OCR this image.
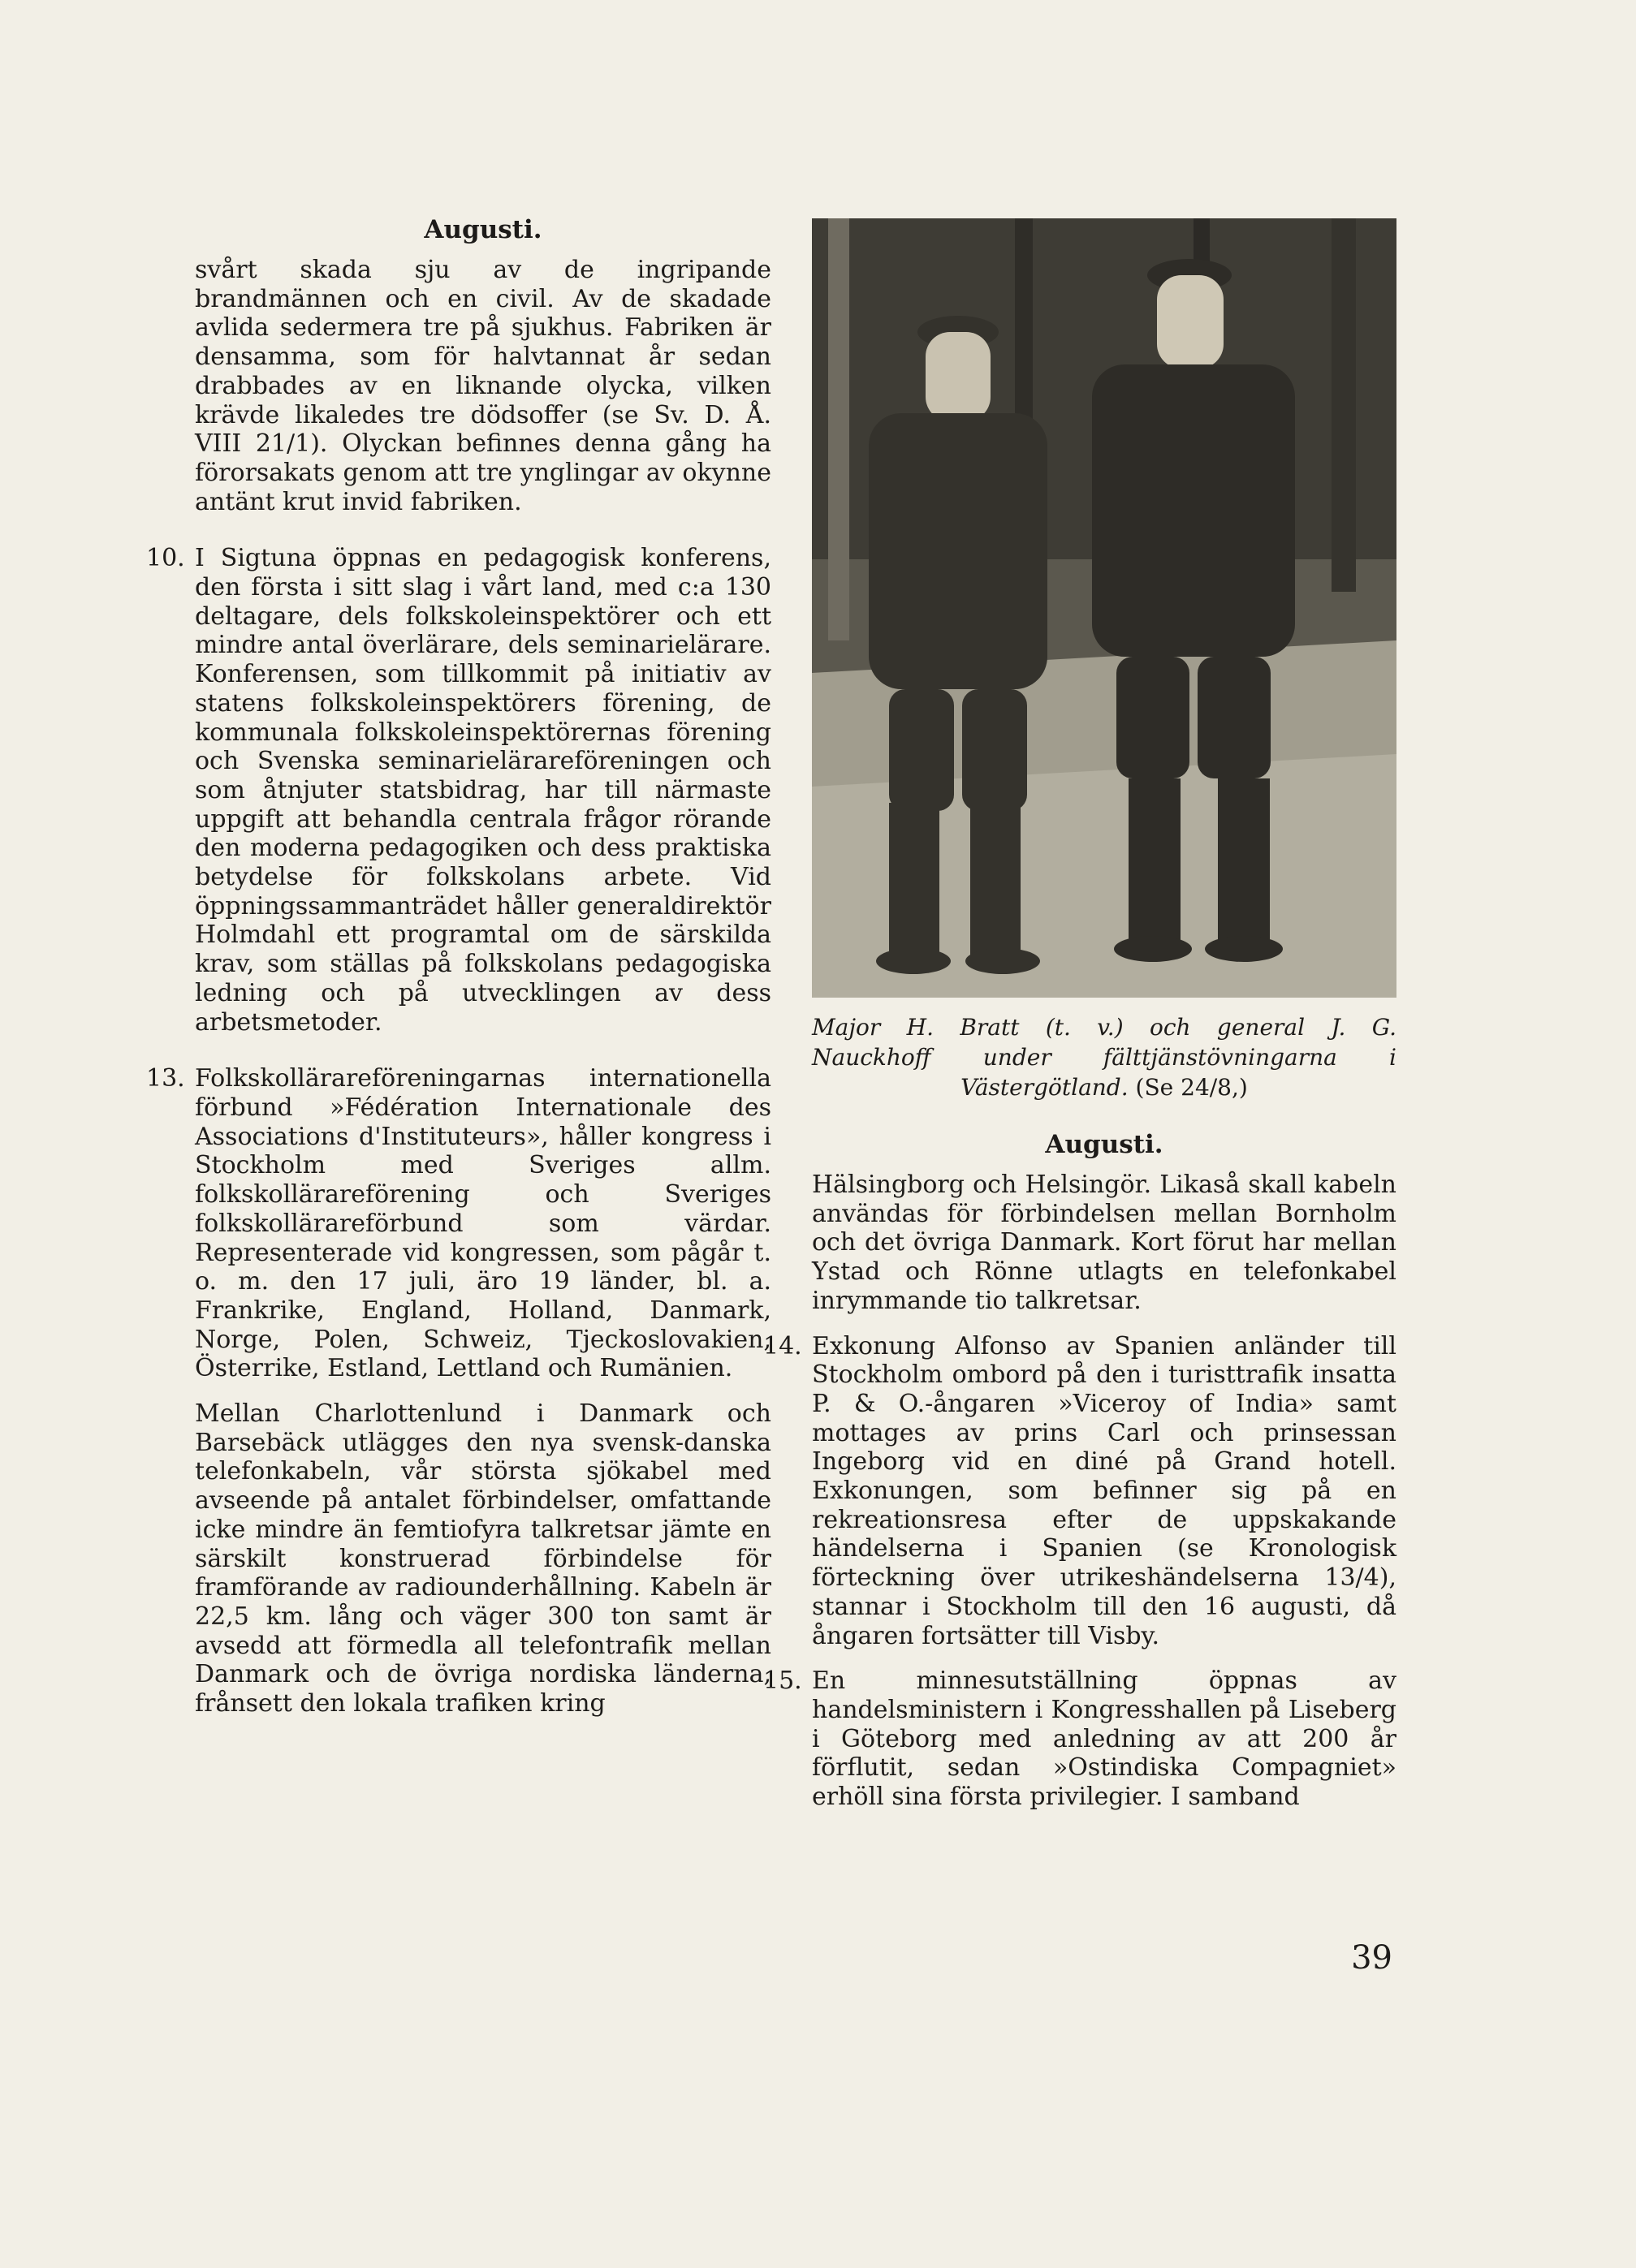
Augusti.

svårt skada sju av de ingripande brandmännen och en civil. Av de skadade avlida sedermera tre på sjukhus. Fabriken är densamma, som för halvtannat år sedan drabbades av en liknande olycka, vilken krävde likaledes tre dödsoffer (se Sv. D. Å. VIII 21/1). Olyckan befinnes denna gång ha förorsakats genom att tre ynglingar av okynne antänt krut invid fabriken.

10. I Sigtuna öppnas en pedagogisk konferens, den första i sitt slag i vårt land, med c:a 130 deltagare, dels folkskoleinspektörer och ett mindre antal överlärare, dels seminarielärare. Konferensen, som tillkommit på initiativ av statens folkskoleinspektörers förening, de kommunala folkskoleinspektörernas förening och Svenska seminarielärareföreningen och som åtnjuter statsbidrag, har till närmaste uppgift att behandla centrala frågor rörande den moderna pedagogiken och dess praktiska betydelse för folkskolans arbete. Vid öppningssammanträdet håller generaldirektör Holmdahl ett programtal om de särskilda krav, som ställas på folkskolans pedagogiska ledning och på utvecklingen av dess arbetsmetoder.

13. Folkskollärareföreningarnas internationella förbund »Fédération Internationale des Associations d'Instituteurs», håller kongress i Stockholm med Sveriges allm. folkskollärareförening och Sveriges folkskollärareförbund som värdar. Representerade vid kongressen, som pågår t. o. m. den 17 juli, äro 19 länder, bl. a. Frankrike, England, Holland, Danmark, Norge, Polen, Schweiz, Tjeckoslovakien, Österrike, Estland, Lettland och Rumänien.

Mellan Charlottenlund i Danmark och Barsebäck utlägges den nya svensk-danska telefonkabeln, vår största sjökabel med avseende på antalet förbindelser, omfattande icke mindre än femtiofyra talkretsar jämte en särskilt konstruerad förbindelse för framförande av radiounderhållning. Kabeln är 22,5 km. lång och väger 300 ton samt är avsedd att förmedla all telefontrafik mellan Danmark och de övriga nordiska länderna, frånsett den lokala trafiken kring

Major H. Bratt (t. v.) och general J. G.
Nauckhoff under fälttjänstövningarna i
Västergötland. (Se 24/8,)
Augusti.

Hälsingborg och Helsingör. Likaså skall kabeln användas för förbindelsen mellan Bornholm och det övriga Danmark. Kort förut har mellan Ystad och Rönne utlagts en telefonkabel inrymmande tio talkretsar.

14. Exkonung Alfonso av Spanien anländer till Stockholm ombord på den i turisttrafik insatta P. & O.-ångaren »Viceroy of India» samt mottages av prins Carl och prinsessan Ingeborg vid en diné på Grand hotell. Exkonungen, som befinner sig på en rekreationsresa efter de uppskakande händelserna i Spanien (se Kronologisk förteckning över utrikeshändelserna 13/4), stannar i Stockholm till den 16 augusti, då ångaren fortsätter till Visby.

15. En minnesutställning öppnas av handelsministern i Kongresshallen på Liseberg i Göteborg med anledning av att 200 år förflutit, sedan »Ostindiska Compagniet» erhöll sina första privilegier. I samband

39
